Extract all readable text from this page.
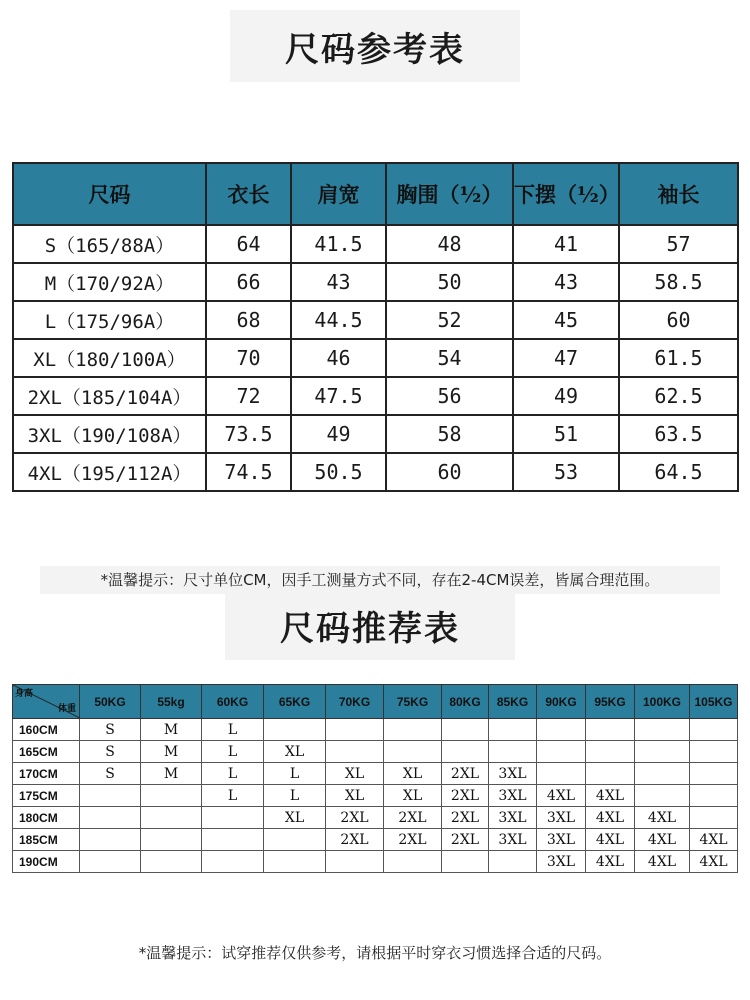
尺码参考表
尺码	衣长	肩宽	胸围（½）	下摆（½）	袖长
S（165/88A）	64	41.5	48	41	57
M（170/92A）	66	43	50	43	58.5
L（175/96A）	68	44.5	52	45	60
XL（180/100A）	70	46	54	47	61.5
2XL（185/104A）	72	47.5	56	49	62.5
3XL（190/108A）	73.5	49	58	51	63.5
4XL（195/112A）	74.5	50.5	60	53	64.5
*温馨提示：尺寸单位CM，因手工测量方式不同，存在2-4CM误差，皆属合理范围。
尺码推荐表
身高
体重	50KG	55kg	60KG	65KG	70KG	75KG	80KG	85KG	90KG	95KG	100KG	105KG
160CM	S	M	L									
165CM	S	M	L	XL								
170CM	S	M	L	L	XL	XL	2XL	3XL				
175CM			L	L	XL	XL	2XL	3XL	4XL	4XL		
180CM				XL	2XL	2XL	2XL	3XL	3XL	4XL	4XL	
185CM					2XL	2XL	2XL	3XL	3XL	4XL	4XL	4XL
190CM									3XL	4XL	4XL	4XL
*温馨提示：试穿推荐仅供参考，请根据平时穿衣习惯选择合适的尺码。
